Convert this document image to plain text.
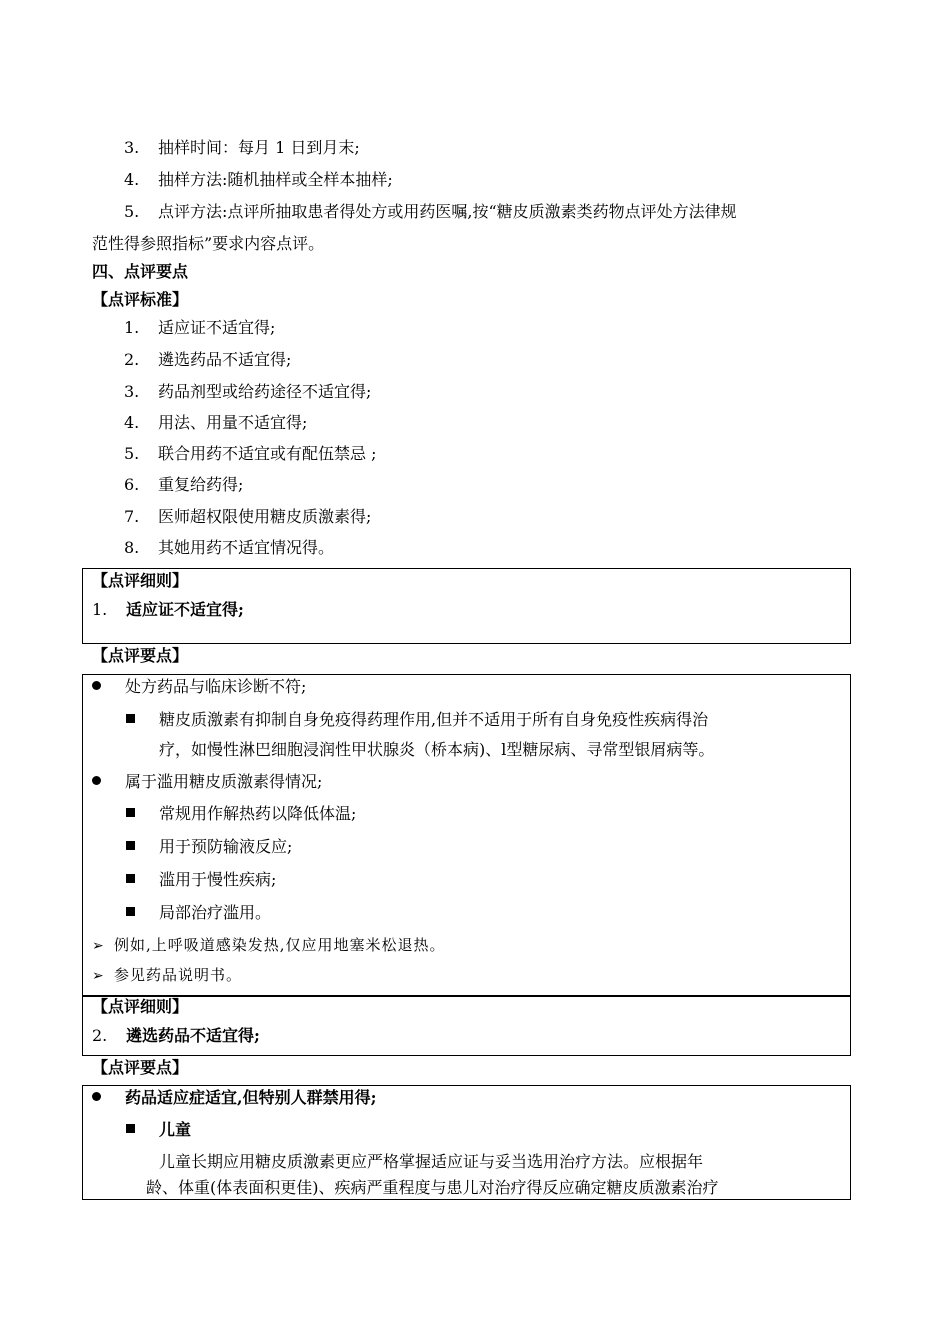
3. 抽样时间：每月 1 日到月末;
4. 抽样方法:随机抽样或全样本抽样;
5. 点评方法:点评所抽取患者得处方或用药医嘱,按“糖皮质激素类药物点评处方法律规
范性得参照指标”要求内容点评。
四、点评要点
【点评标准】
1. 适应证不适宜得;
2. 遴选药品不适宜得;
3. 药品剂型或给药途径不适宜得;
4. 用法、用量不适宜得;
5. 联合用药不适宜或有配伍禁忌 ;
6. 重复给药得;
7. 医师超权限使用糖皮质激素得;
8. 其她用药不适宜情况得。
【点评细则】
1. 适应证不适宜得;
【点评要点】
处方药品与临床诊断不符;
糖皮质激素有抑制自身免疫得药理作用,但并不适用于所有自身免疫性疾病得治
疗，如慢性淋巴细胞浸润性甲状腺炎（桥本病)、l型糖尿病、寻常型银屑病等。
属于滥用糖皮质激素得情况;
常规用作解热药以降低体温;
用于预防输液反应;
滥用于慢性疾病;
局部治疗滥用。
➢ 例如,上呼吸道感染发热,仅应用地塞米松退热。
➢ 参见药品说明书。
【点评细则】
2. 遴选药品不适宜得;
【点评要点】
药品适应症适宜,但特别人群禁用得;
儿童
儿童长期应用糖皮质激素更应严格掌握适应证与妥当选用治疗方法。应根据年
龄、体重(体表面积更佳)、疾病严重程度与患儿对治疗得反应确定糖皮质激素治疗
